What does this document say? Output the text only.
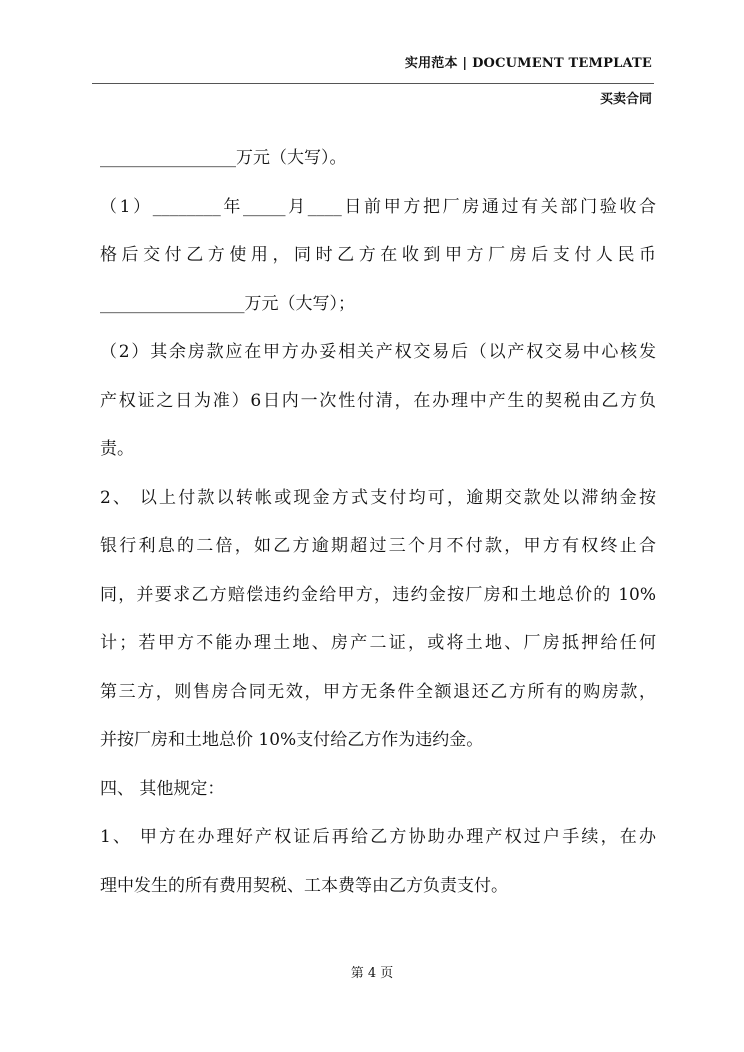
实用范本 | DOCUMENT TEMPLATE
买卖合同
________________万元（大写）。
（1）________年_____月____日前甲方把厂房通过有关部门验收合
格后交付乙方使用，同时乙方在收到甲方厂房后支付人民币
_________________万元（大写）；
（2）其余房款应在甲方办妥相关产权交易后（以产权交易中心核发
产权证之日为准）6日内一次性付清，在办理中产生的契税由乙方负
责。
2、 以上付款以转帐或现金方式支付均可，逾期交款处以滞纳金按
银行利息的二倍，如乙方逾期超过三个月不付款，甲方有权终止合
同，并要求乙方赔偿违约金给甲方，违约金按厂房和土地总价的 10%
计；若甲方不能办理土地、房产二证，或将土地、厂房抵押给任何
第三方，则售房合同无效，甲方无条件全额退还乙方所有的购房款，
并按厂房和土地总价 10%支付给乙方作为违约金。
四、 其他规定：
1、 甲方在办理好产权证后再给乙方协助办理产权过户手续，在办
理中发生的所有费用契税、工本费等由乙方负责支付。
第 4 页
